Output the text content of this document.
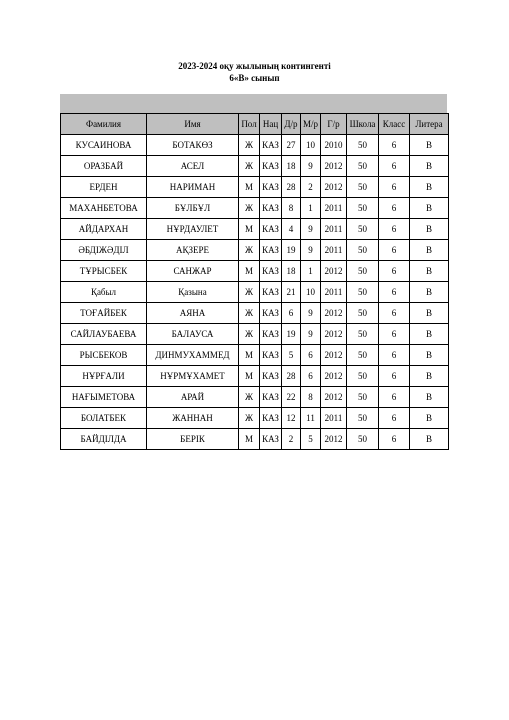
2023-2024 оқу жылының контингенті
6«В» сынып
Фамилия	Имя	Пол	Нац	Д/р	М/р	Г/р	Школа	Класс	Литера
КУСАИНОВА	БОТАКӨЗ	Ж	КАЗ	27	10	2010	50	6	В
ОРАЗБАЙ	АСЕЛ	Ж	КАЗ	18	9	2012	50	6	В
ЕРДЕН	НАРИМАН	М	КАЗ	28	2	2012	50	6	В
МАХАНБЕТОВА	БҰЛБҰЛ	Ж	КАЗ	8	1	2011	50	6	В
АЙДАРХАН	НҰРДАУЛЕТ	М	КАЗ	4	9	2011	50	6	В
ӘБДІЖӘДІЛ	АҚЗЕРЕ	Ж	КАЗ	19	9	2011	50	6	В
ТҰРЫСБЕК	САНЖАР	М	КАЗ	18	1	2012	50	6	В
Қабыл	Қазына	Ж	КАЗ	21	10	2011	50	6	В
ТОҒАЙБЕК	АЯНА	Ж	КАЗ	6	9	2012	50	6	В
САЙЛАУБАЕВА	БАЛАУСА	Ж	КАЗ	19	9	2012	50	6	В
РЫСБЕКОВ	ДИНМУХАММЕД	М	КАЗ	5	6	2012	50	6	В
НҰРҒАЛИ	НҰРМҰХАМЕТ	М	КАЗ	28	6	2012	50	6	В
НАҒЫМЕТОВА	АРАЙ	Ж	КАЗ	22	8	2012	50	6	В
БОЛАТБЕК	ЖАННАН	Ж	КАЗ	12	11	2011	50	6	В
БАЙДІЛДА	БЕРІК	М	КАЗ	2	5	2012	50	6	В
